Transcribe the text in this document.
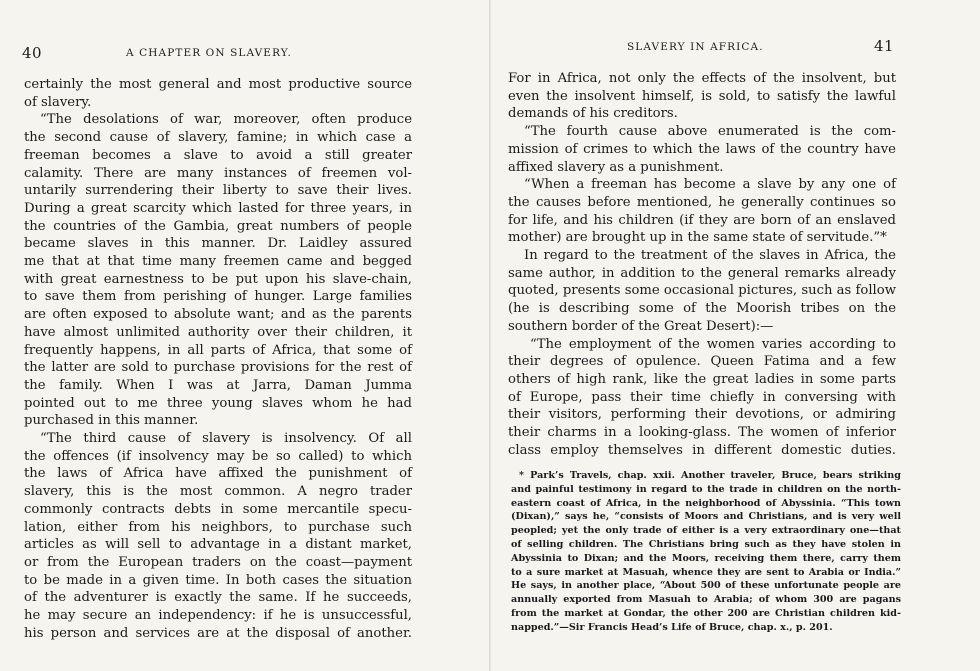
40	A CHAPTER ON SLAVERY.
certainly the most general and most productive source
of slavery.
“The desolations of war, moreover, often produce
the second cause of slavery, famine; in which case a
freeman becomes a slave to avoid a still greater
calamity. There are many instances of freemen vol-
untarily surrendering their liberty to save their lives.
During a great scarcity which lasted for three years, in
the countries of the Gambia, great numbers of people
became slaves in this manner. Dr. Laidley assured
me that at that time many freemen came and begged
with great earnestness to be put upon his slave-chain,
to save them from perishing of hunger. Large families
are often exposed to absolute want; and as the parents
have almost unlimited authority over their children, it
frequently happens, in all parts of Africa, that some of
the latter are sold to purchase provisions for the rest of
the family. When I was at Jarra, Daman Jumma
pointed out to me three young slaves whom he had
purchased in this manner.
“The third cause of slavery is insolvency. Of all
the offences (if insolvency may be so called) to which
the laws of Africa have affixed the punishment of
slavery, this is the most common. A negro trader
commonly contracts debts in some mercantile specu-
lation, either from his neighbors, to purchase such
articles as will sell to advantage in a distant market,
or from the European traders on the coast—payment
to be made in a given time. In both cases the situation
of the adventurer is exactly the same. If he succeeds,
he may secure an independency: if he is unsuccessful,
his person and services are at the disposal of another.
SLAVERY IN AFRICA.	41
For in Africa, not only the effects of the insolvent, but
even the insolvent himself, is sold, to satisfy the lawful
demands of his creditors.
“The fourth cause above enumerated is the com-
mission of crimes to which the laws of the country have
affixed slavery as a punishment.
“When a freeman has become a slave by any one of
the causes before mentioned, he generally continues so
for life, and his children (if they are born of an enslaved
mother) are brought up in the same state of servitude.”*
In regard to the treatment of the slaves in Africa, the
same author, in addition to the general remarks already
quoted, presents some occasional pictures, such as follow
(he is describing some of the Moorish tribes on the
southern border of the Great Desert):—
“The employment of the women varies according to
their degrees of opulence. Queen Fatima and a few
others of high rank, like the great ladies in some parts
of Europe, pass their time chiefly in conversing with
their visitors, performing their devotions, or admiring
their charms in a looking-glass. The women of inferior
class employ themselves in different domestic duties.
* Park’s Travels, chap. xxii. Another traveler, Bruce, bears striking
and painful testimony in regard to the trade in children on the north-
eastern coast of Africa, in the neighborhood of Abyssinia. “This town
(Dixan),” says he, “consists of Moors and Christians, and is very well
peopled; yet the only trade of either is a very extraordinary one—that
of selling children. The Christians bring such as they have stolen in
Abyssinia to Dixan; and the Moors, receiving them there, carry them
to a sure market at Masuah, whence they are sent to Arabia or India.”
He says, in another place, “About 500 of these unfortunate people are
annually exported from Masuah to Arabia; of whom 300 are pagans
from the market at Gondar, the other 200 are Christian children kid-
napped.”—Sir Francis Head’s Life of Bruce, chap. x., p. 201.
